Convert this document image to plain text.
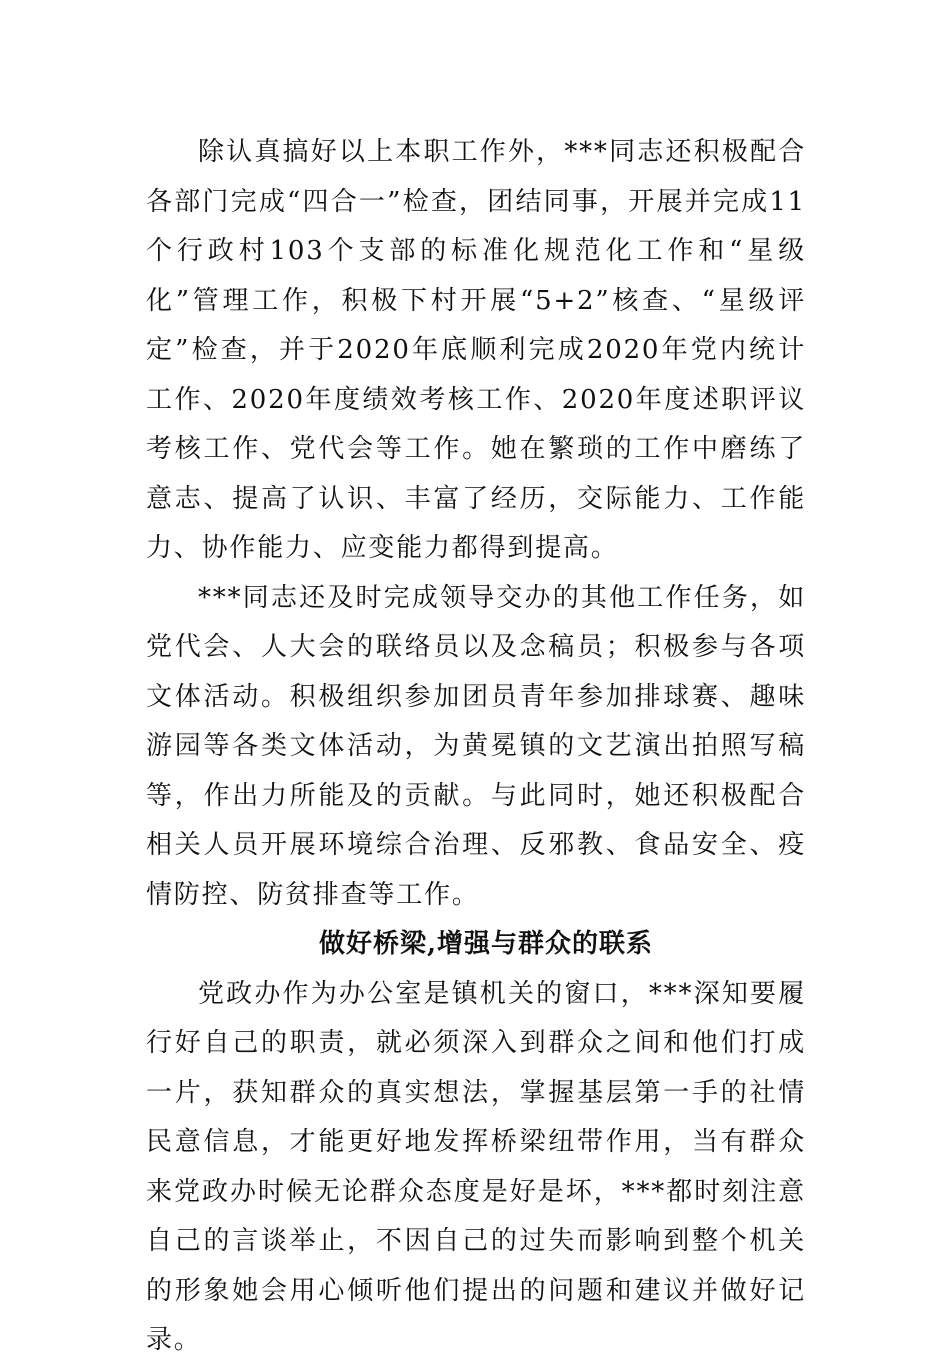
除认真搞好以上本职工作外，***同志还积极配合各部门完成“四合一”检查，团结同事，开展并完成11个行政村103个支部的标准化规范化工作和“星级化”管理工作，积极下村开展“5+2”核查、“星级评定”检查，并于2020年底顺利完成2020年党内统计工作、2020年度绩效考核工作、2020年度述职评议考核工作、党代会等工作。她在繁琐的工作中磨练了意志、提高了认识、丰富了经历，交际能力、工作能力、协作能力、应变能力都得到提高。

***同志还及时完成领导交办的其他工作任务，如党代会、人大会的联络员以及念稿员；积极参与各项文体活动。积极组织参加团员青年参加排球赛、趣味游园等各类文体活动，为黄冕镇的文艺演出拍照写稿等，作出力所能及的贡献。与此同时，她还积极配合相关人员开展环境综合治理、反邪教、食品安全、疫情防控、防贫排查等工作。

做好桥梁,增强与群众的联系

党政办作为办公室是镇机关的窗口，***深知要履行好自己的职责，就必须深入到群众之间和他们打成一片，获知群众的真实想法，掌握基层第一手的社情民意信息，才能更好地发挥桥梁纽带作用，当有群众来党政办时候无论群众态度是好是坏，***都时刻注意自己的言谈举止，不因自己的过失而影响到整个机关的形象她会用心倾听他们提出的问题和建议并做好记录。
